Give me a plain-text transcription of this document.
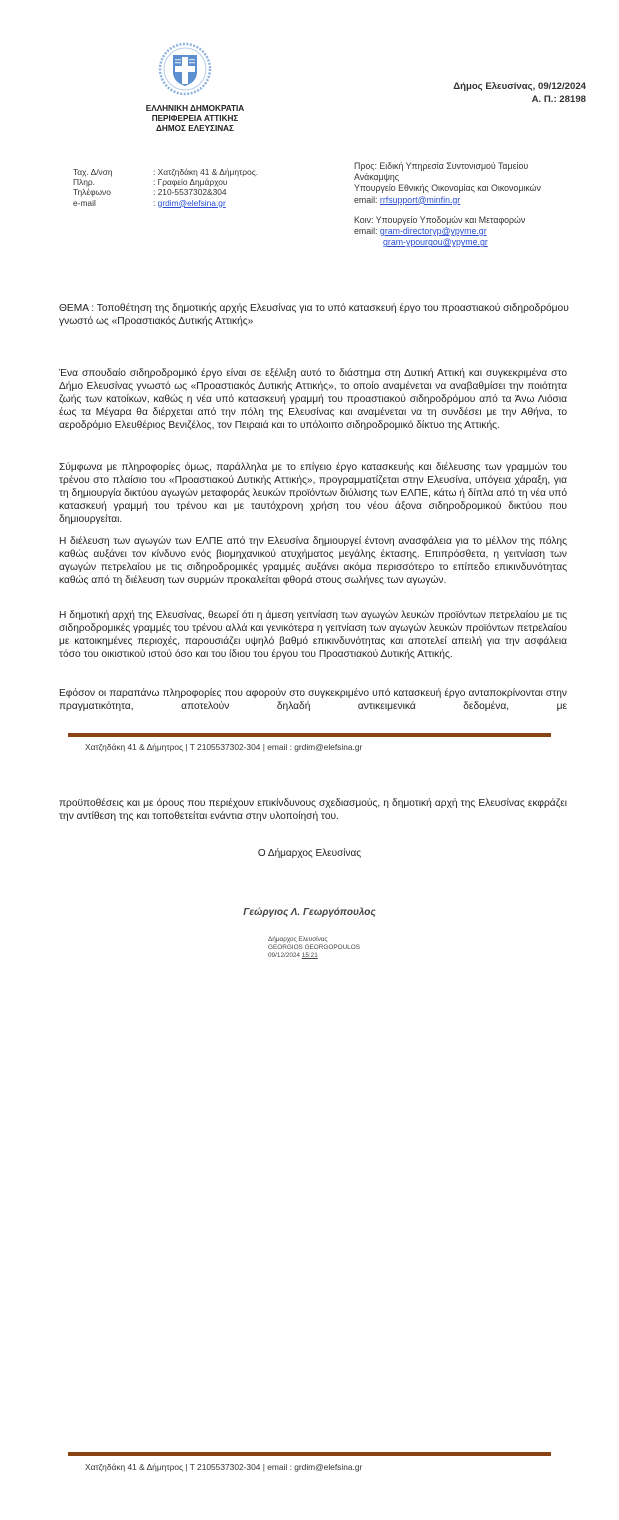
ΕΛΛΗΝΙΚΗ ΔΗΜΟΚΡΑΤΙΑ
ΠΕΡΙΦΕΡΕΙΑ ΑΤΤΙΚΗΣ
ΔΗΜΟΣ ΕΛΕΥΣΙΝΑΣ
Δήμος Ελευσίνας, 09/12/2024
Α. Π.: 28198
Ταχ. Δ/νση	: Χατζηδάκη 41 & Δήμητρος.
Πληρ.	: Γραφείο Δημάρχου
Τηλέφωνο	: 210-5537302&304
e-mail	: grdim@elefsina.gr
Προς: Ειδική Υπηρεσία Συντονισμού Ταμείου
Ανάκαμψης
Υπουργείο Εθνικής Οικονομίας και Οικονομικών
email: rrfsupport@minfin.gr
Κοιν: Υπουργείο Υποδομών και Μεταφορών
email: gram-directoryp@ypyme.gr
gram-ypourgou@ypyme.gr
ΘΕΜΑ : Τοποθέτηση της δημοτικής αρχής Ελευσίνας για το υπό κατασκευή έργο του προαστιακού σιδηροδρόμου γνωστό ως «Προαστιακός Δυτικής Αττικής»
Ένα σπουδαίο σιδηροδρομικό έργο είναι σε εξέλιξη αυτό το διάστημα στη Δυτική Αττική και συγκεκριμένα στο Δήμο Ελευσίνας γνωστό ως «Προαστιακός Δυτικής Αττικής», το οποίο αναμένεται να αναβαθμίσει την ποιότητα ζωής των κατοίκων, καθώς η νέα υπό κατασκευή γραμμή του προαστιακού σιδηροδρόμου από τα Άνω Λιόσια έως τα Μέγαρα θα διέρχεται από την πόλη της Ελευσίνας και αναμένεται να τη συνδέσει με την Αθήνα, το αεροδρόμιο Ελευθέριος Βενιζέλος, τον Πειραιά και το υπόλοιπο σιδηροδρομικό δίκτυο της Αττικής.
Σύμφωνα με πληροφορίες όμως, παράλληλα με το επίγειο έργο κατασκευής και διέλευσης των γραμμών του τρένου στο πλαίσιο του «Προαστιακού Δυτικής Αττικής», προγραμματίζεται στην Ελευσίνα, υπόγεια χάραξη, για τη δημιουργία δικτύου αγωγών μεταφοράς λευκών προϊόντων διύλισης των ΕΛΠΕ, κάτω ή δίπλα από τη νέα υπό κατασκευή γραμμή του τρένου και με ταυτόχρονη χρήση του νέου άξονα σιδηροδρομικού δικτύου που δημιουργείται.
Η διέλευση των αγωγών των ΕΛΠΕ από την Ελευσίνα δημιουργεί έντονη ανασφάλεια για το μέλλον της πόλης καθώς αυξάνει τον κίνδυνο ενός βιομηχανικού ατυχήματος μεγάλης έκτασης. Επιπρόσθετα, η γειτνίαση των αγωγών πετρελαίου με τις σιδηροδρομικές γραμμές αυξάνει ακόμα περισσότερο το επίπεδο επικινδυνότητας καθώς από τη διέλευση των συρμών προκαλείται φθορά στους σωλήνες των αγωγών.
Η δημοτική αρχή της Ελευσίνας, θεωρεί ότι η άμεση γειτνίαση των αγωγών λευκών προϊόντων πετρελαίου με τις σιδηροδρομικές γραμμές του τρένου αλλά και γενικότερα η γειτνίαση των αγωγών λευκών προϊόντων πετρελαίου με κατοικημένες περιοχές, παρουσιάζει υψηλό βαθμό επικινδυνότητας και αποτελεί απειλή για την ασφάλεια τόσο του οικιστικού ιστού όσο και του ίδιου του έργου του Προαστιακού Δυτικής Αττικής.
Εφόσον οι παραπάνω πληροφορίες που αφορούν στο συγκεκριμένο υπό κατασκευή έργο ανταποκρίνονται στην πραγματικότητα, αποτελούν δηλαδή αντικειμενικά δεδομένα, με
Χατζηδάκη 41 & Δήμητρος | Τ 2105537302-304 | email : grdim@elefsina.gr
προϋποθέσεις και με όρους που περιέχουν επικίνδυνους σχεδιασμούς, η δημοτική αρχή της Ελευσίνας εκφράζει την αντίθεση της και τοποθετείται ενάντια στην υλοποίησή του.
Ο Δήμαρχος Ελευσίνας
Γεώργιος Λ. Γεωργόπουλος
Δήμαρχος Ελευσίνας
GEORGIOS GEORGOPOULOS
09/12/2024 15:21
Χατζηδάκη 41 & Δήμητρος | Τ 2105537302-304 | email : grdim@elefsina.gr
